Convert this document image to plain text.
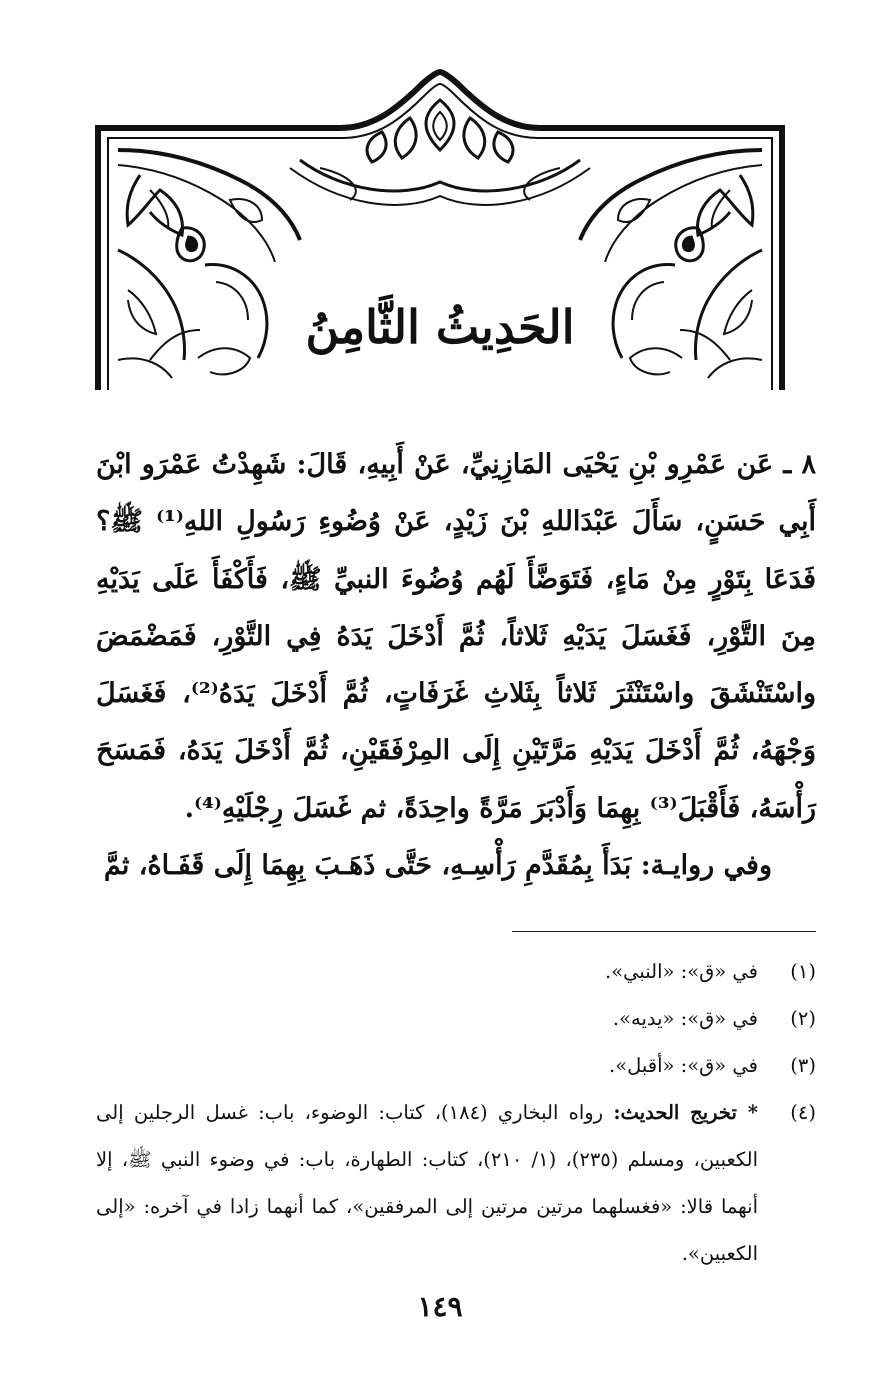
الحَدِيثُ الثَّامِنُ

٨ ـ عَن عَمْرِو بْنِ يَحْيَى المَازِنِيِّ، عَنْ أَبِيهِ، قَالَ: شَهِدْتُ عَمْرَو ابْنَ أَبِي حَسَنٍ، سَأَلَ عَبْدَاللهِ بْنَ زَيْدٍ، عَنْ وُضُوءِ رَسُولِ اللهِ⁽¹⁾ ﷺ؟ فَدَعَا بِتَوْرٍ مِنْ مَاءٍ، فَتَوَضَّأَ لَهُم وُضُوءَ النبيِّ ﷺ، فَأَكْفَأَ عَلَى يَدَيْهِ مِنَ التَّوْرِ، فَغَسَلَ يَدَيْهِ ثَلاثاً، ثُمَّ أَدْخَلَ يَدَهُ فِي التَّوْرِ، فَمَضْمَضَ واسْتَنْشَقَ واسْتَنْثَرَ ثَلاثاً بِثَلاثِ غَرَفَاتٍ، ثُمَّ أَدْخَلَ يَدَهُ⁽²⁾، فَغَسَلَ وَجْهَهُ، ثُمَّ أَدْخَلَ يَدَيْهِ مَرَّتَيْنِ إِلَى المِرْفَقَيْنِ، ثُمَّ أَدْخَلَ يَدَهُ، فَمَسَحَ رَأْسَهُ، فَأَقْبَلَ⁽³⁾ بِهِمَا وَأَدْبَرَ مَرَّةً واحِدَةً، ثم غَسَلَ رِجْلَيْهِ⁽⁴⁾.

وفي روايـة: بَدَأَ بِمُقَدَّمِ رَأْسِـهِ، حَتَّى ذَهَـبَ بِهِمَا إِلَى قَفَـاهُ، ثمَّ

(١)
في «ق»: «النبي».
(٢)
في «ق»: «يديه».
(٣)
في «ق»: «أقبل».
(٤)
* تخريج الحديث: رواه البخاري (١٨٤)، كتاب: الوضوء، باب: غسل الرجلين إلى الكعبين، ومسلم (٢٣٥)، (١/ ٢١٠)، كتاب: الطهارة، باب: في وضوء النبي ﷺ، إلا أنهما قالا: «فغسلهما مرتين مرتين إلى المرفقين»، كما أنهما زادا في آخره: «إلى الكعبين».
١٤٩
